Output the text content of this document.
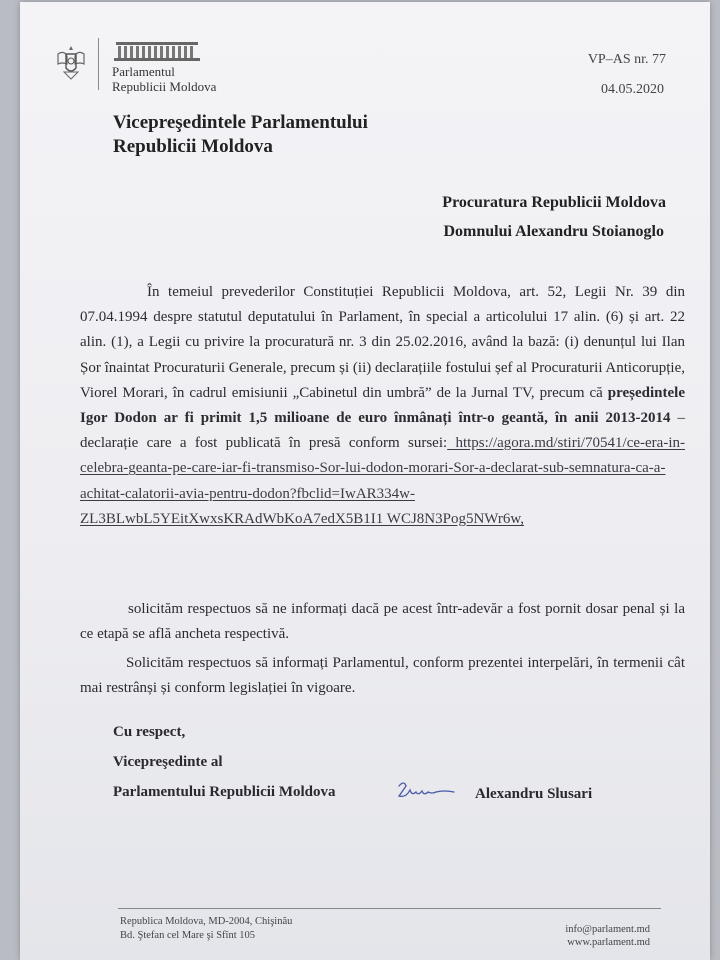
Parlamentul
Republicii Moldova
VP–AS nr. 77
04.05.2020
Vicepreşedintele Parlamentului
Republicii Moldova
Procuratura Republicii Moldova
Domnului Alexandru Stoianoglo
În temeiul prevederilor Constituției Republicii Moldova, art. 52, Legii Nr. 39 din 07.04.1994 despre statutul deputatului în Parlament, în special a articolului 17 alin. (6) și art. 22 alin. (1), a Legii cu privire la procuratură nr. 3 din 25.02.2016, având la bază: (i) denunțul lui Ilan Șor înaintat Procuraturii Generale, precum și (ii) declarațiile fostului șef al Procuraturii Anticorupție, Viorel Morari, în cadrul emisiunii „Cabinetul din umbră” de la Jurnal TV, precum că președintele Igor Dodon ar fi primit 1,5 milioane de euro înmânați într-o geantă, în anii 2013-2014 – declarație care a fost publicată în presă conform sursei: https://agora.md/stiri/70541/ce-era-in-celebra-geanta-pe-care-iar-fi-transmiso-Sor-lui-dodon-morari-Sor-a-declarat-sub-semnatura-ca-a-achitat-calatorii-avia-pentru-dodon?fbclid=IwAR334w-ZL3BLwbL5YEitXwxsKRAdWbKoA7edX5B1I1 WCJ8N3Pog5NWr6w,
solicităm respectuos să ne informați dacă pe acest într-adevăr a fost pornit dosar penal și la ce etapă se află ancheta respectivă.
Solicităm respectuos să informați Parlamentul, conform prezentei interpelări, în termenii cât mai restrânși și conform legislației în vigoare.
Cu respect,
Vicepreşedinte al
Parlamentului Republicii Moldova	Alexandru Slusari
Republica Moldova, MD-2004, Chişinău
Bd. Ştefan cel Mare şi Sfînt 105
info@parlament.md
www.parlament.md
